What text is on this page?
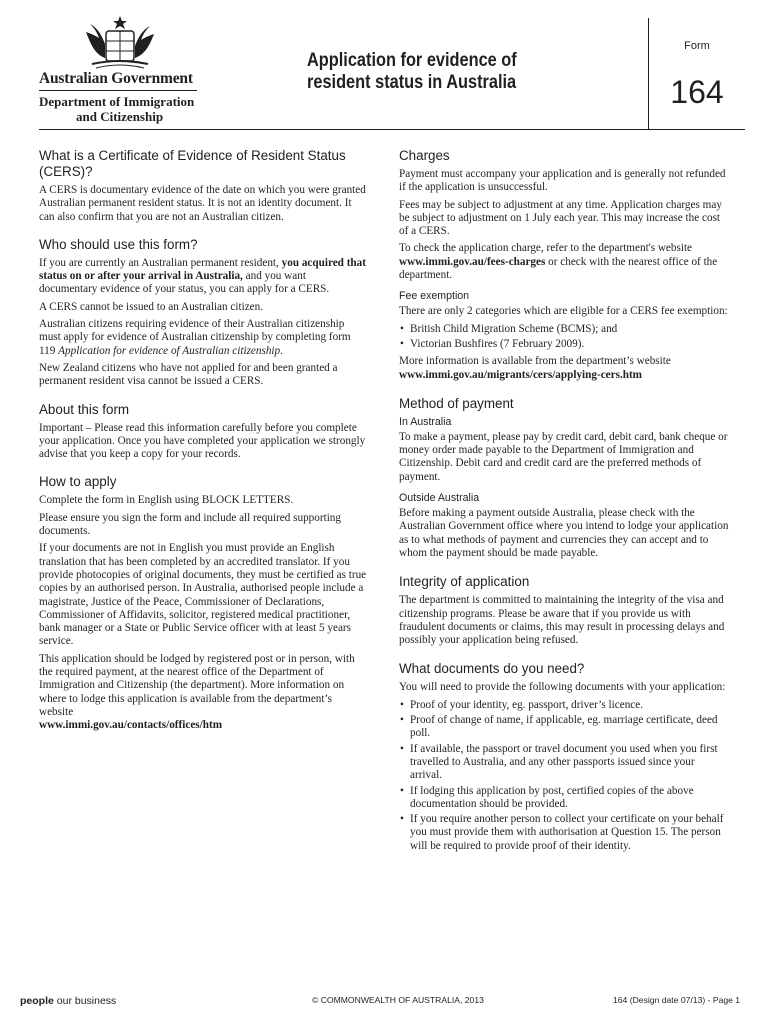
Australian Government
Department of Immigration
and Citizenship
Application for evidence of
resident status in Australia
Form
164
What is a Certificate of Evidence of Resident Status (CERS)?

A CERS is documentary evidence of the date on which you were granted Australian permanent resident status. It is not an identity document. It can also confirm that you are not an Australian citizen.

Who should use this form?

If you are currently an Australian permanent resident, you acquired that status on or after your arrival in Australia, and you want documentary evidence of your status, you can apply for a CERS.

A CERS cannot be issued to an Australian citizen.

Australian citizens requiring evidence of their Australian citizenship must apply for evidence of Australian citizenship by completing form 119 Application for evidence of Australian citizenship.

New Zealand citizens who have not applied for and been granted a permanent resident visa cannot be issued a CERS.

About this form

Important – Please read this information carefully before you complete your application. Once you have completed your application we strongly advise that you keep a copy for your records.

How to apply

Complete the form in English using BLOCK LETTERS.

Please ensure you sign the form and include all required supporting documents.

If your documents are not in English you must provide an English translation that has been completed by an accredited translator. If you provide photocopies of original documents, they must be certified as true copies by an authorised person. In Australia, authorised people include a magistrate, Justice of the Peace, Commissioner of Declarations, Commissioner of Affidavits, solicitor, registered medical practitioner, bank manager or a State or Public Service officer with at least 5 years service.

This application should be lodged by registered post or in person, with the required payment, at the nearest office of the Department of Immigration and Citizenship (the department). More information on where to lodge this application is available from the department’s website
www.immi.gov.au/contacts/offices/htm

Charges

Payment must accompany your application and is generally not refunded if the application is unsuccessful.

Fees may be subject to adjustment at any time. Application charges may be subject to adjustment on 1 July each year. This may increase the cost of a CERS.

To check the application charge, refer to the department's website www.immi.gov.au/fees-charges or check with the nearest office of the department.

Fee exemption

There are only 2 categories which are eligible for a CERS fee exemption:

• British Child Migration Scheme (BCMS); and
• Victorian Bushfires (7 February 2009).

More information is available from the department’s website
www.immi.gov.au/migrants/cers/applying-cers.htm

Method of payment
In Australia

To make a payment, please pay by credit card, debit card, bank cheque or money order made payable to the Department of Immigration and Citizenship. Debit card and credit card are the preferred methods of payment.

Outside Australia

Before making a payment outside Australia, please check with the Australian Government office where you intend to lodge your application as to what methods of payment and currencies they can accept and to whom the payment should be made payable.

Integrity of application

The department is committed to maintaining the integrity of the visa and citizenship programs. Please be aware that if you provide us with fraudulent documents or claims, this may result in processing delays and possibly your application being refused.

What documents do you need?

You will need to provide the following documents with your application:

• Proof of your identity, eg. passport, driver’s licence.
• Proof of change of name, if applicable, eg. marriage certificate, deed poll.
• If available, the passport or travel document you used when you first travelled to Australia, and any other passports issued since your arrival.
• If lodging this application by post, certified copies of the above documentation should be provided.
• If you require another person to collect your certificate on your behalf you must provide them with authorisation at Question 15. The person will be required to provide proof of their identity.
people our business	© COMMONWEALTH OF AUSTRALIA, 2013	164 (Design date 07/13) - Page 1
